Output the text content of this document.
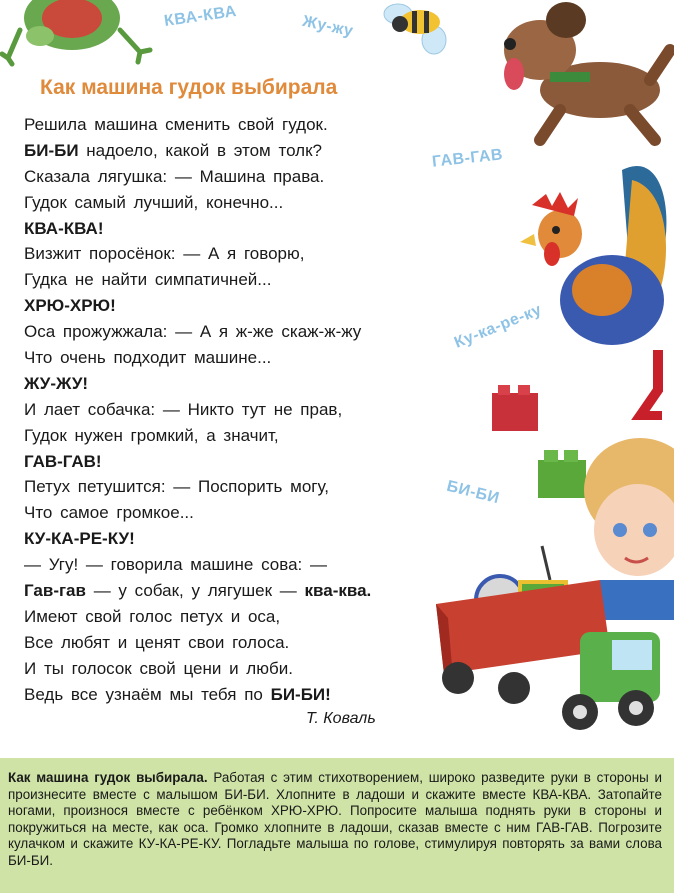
КВА-КВА	Жу-жу
ГАВ-ГАВ
Ку-ка-ре-ку
БИ-БИ
Как машина гудок выбирала
Решила машина сменить свой гудок.
БИ-БИ надоело, какой в этом толк?
Сказала лягушка: — Машина права.
Гудок самый лучший, конечно...
КВА-КВА!
Визжит поросёнок: — А я говорю,
Гудка не найти симпатичней...
ХРЮ-ХРЮ!
Оса прожужжала: — А я ж-же скаж-ж-жу
Что очень подходит машине...
ЖУ-ЖУ!
И лает собачка: — Никто тут не прав,
Гудок нужен громкий, а значит,
ГАВ-ГАВ!
Петух петушится: — Поспорить могу,
Что самое громкое...
КУ-КА-РЕ-КУ!
— Угу! — говорила машине сова: —
Гав-гав — у собак, у лягушек — ква-ква.
Имеют свой голос петух и оса,
Все любят и ценят свои голоса.
И ты голосок свой цени и люби.
Ведь все узнаём мы тебя по БИ-БИ!
Т. Коваль
Как машина гудок выбирала. Работая с этим стихотворением, широко разведите руки в стороны и произнесите вместе с малышом БИ-БИ. Хлопните в ладоши и скажите вместе КВА-КВА. Затопайте ногами, произнося вместе с ребёнком ХРЮ-ХРЮ. Попросите малыша поднять руки в стороны и покружиться на месте, как оса. Громко хлопните в ладоши, сказав вместе с ним ГАВ-ГАВ. Погрозите кулачком и скажите КУ-КА-РЕ-КУ. Погладьте малыша по голове, стимулируя повторять за вами слова БИ-БИ.
